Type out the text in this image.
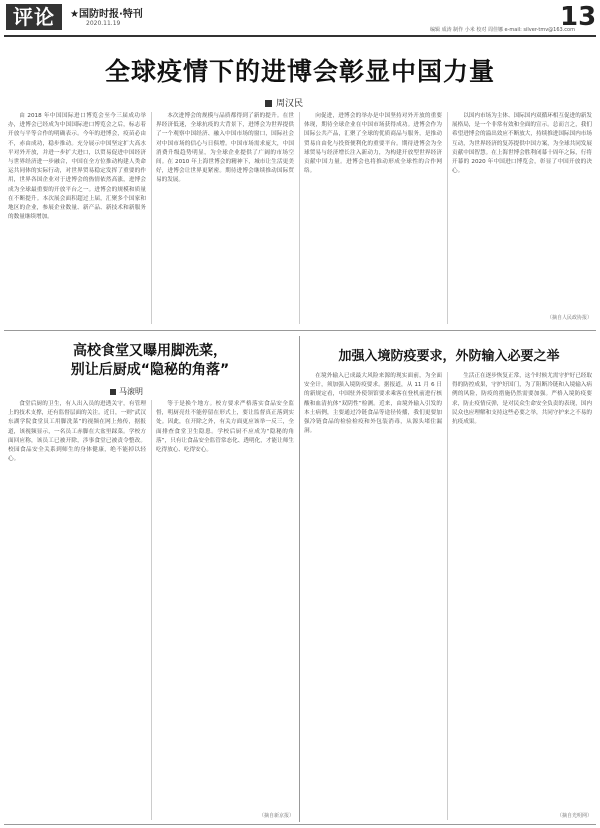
评论	★国防时报·特刊
2020.11.19
编辑 成涛 制作 小米 校对 周佳娜 e-mail: silver-tmv@163.com
13
全球疫情下的进博会彰显中国力量
周汉民

由 2018 年中国国际进口博览会至今三届成功举办，进博会已经成为中国国际进口博览会之后，标志着开放与平等合作的明确表示。今年的进博会，疫苗必由不，赤由成功，稳步推动。充分展示中国坚定扩大高水平对外开放，并进一步扩大进口，以贸易促进中国经济与世界经济进一步融合，中国在全方位推动构建人类命运共同体的实际行动，对世界贸易稳定发挥了重要的作用，世界各国企业对于进博会的热情依然高涨，进博会成为全球最重要的开放平台之一。进博会的规模和质量在不断提升。本次展会面积超过上届，汇聚多个国家和地区的企业，参展企业数量、新产品、新技术和新服务的数量继续增加。

本次进博会的规模与品质都得到了新的提升。在世界经济低迷，全球抗疫的大背景下，进博会为世界提供了一个观察中国经济、融入中国市场的窗口，国际社会对中国市场的信心与日俱增。中国市场需求庞大，中国消费升级趋势明显，为全球企业提供了广阔的市场空间。在 2010 年上海世博会的精神下，城市让生活更美好，进博会让世界更紧密。期待进博会继续推动国际贸易的发展。

向促进，进博会的举办是中国坚持对外开放的重要体现，期待全球企业在中国市场获得成功。进博会作为国际公共产品，汇聚了全球的优质商品与服务，是推动贸易自由化与投资便利化的重要平台。期待进博会为全球贸易与经济增长注入新动力，为构建开放型世界经济贡献中国力量。进博会也将推动形成全球性的合作网络。

以国内市场为主体、国际国内双循环相互促进的新发展格局，是一个非常有效和全面的宣示。总而言之，我们希望进博会的溢出效应不断放大，持续推进国际国内市场互动，为世界经济的复苏提供中国方案，为全球共同发展贡献中国智慧。在上海世博会胜利闭幕十周年之际，行将开幕的 2020 年中国进口博览会，彰显了中国开放的决心。

（摘自人民政协报）
高校食堂又曝用脚洗菜，
别让后厨成“隐秘的角落”
马滚明

食堂后厨的卫生，有人出入员的进透关守，有管理上的技术支撑，还有监督层面的关注。近日，一则“武汉东湖学院食堂员工用脚洗菜”的视频在网上热传，据报道，该视频显示，一名员工赤脚在大盆里踩菜。学校方面回应称，该员工已被开除，涉事食堂已被责令整改。校园食品安全关系到师生的身体健康，绝不能掉以轻心。

等于是换个地方。校方要求严格落实食品安全监督，明厨亮灶不能停留在形式上，要让监督真正落到实处。因此，在开除之外，有关方面更应该举一反三，全面排查食堂卫生隐患。学校后厨不应成为“隐秘的角落”，只有让食品安全监管常态化、透明化，才能让师生吃得放心、吃得安心。

（摘自新京报）
加强入境防疫要求，外防输入必要之举

在境外输入已成最大风险来源的现实面前，为全面安全计，须加强入境防疫要求。据报道，从 11 月 6 日的新规定看，中国驻外使领馆要求乘客在登机前进行核酸和血清抗体“双阴性”检测。近来，由境外输入引发的本土病例，主要通过冷链食品等途径传播，我们更要加强冷链食品的检验检疫和外包装消毒，从源头堵住漏洞。

生活正在逐步恢复正常，这个时候尤需守护好已经取得的防控成果，守护好国门，为了阻断冷链和入境输入病例的风险，防疫的措施仍然需要加强。严格入境防疫要求，防止疫情反弹，是对民众生命安全负责的表现，国内民众也应理解和支持这些必要之举，共同守护来之不易的抗疫成果。

（摘自光明网）
